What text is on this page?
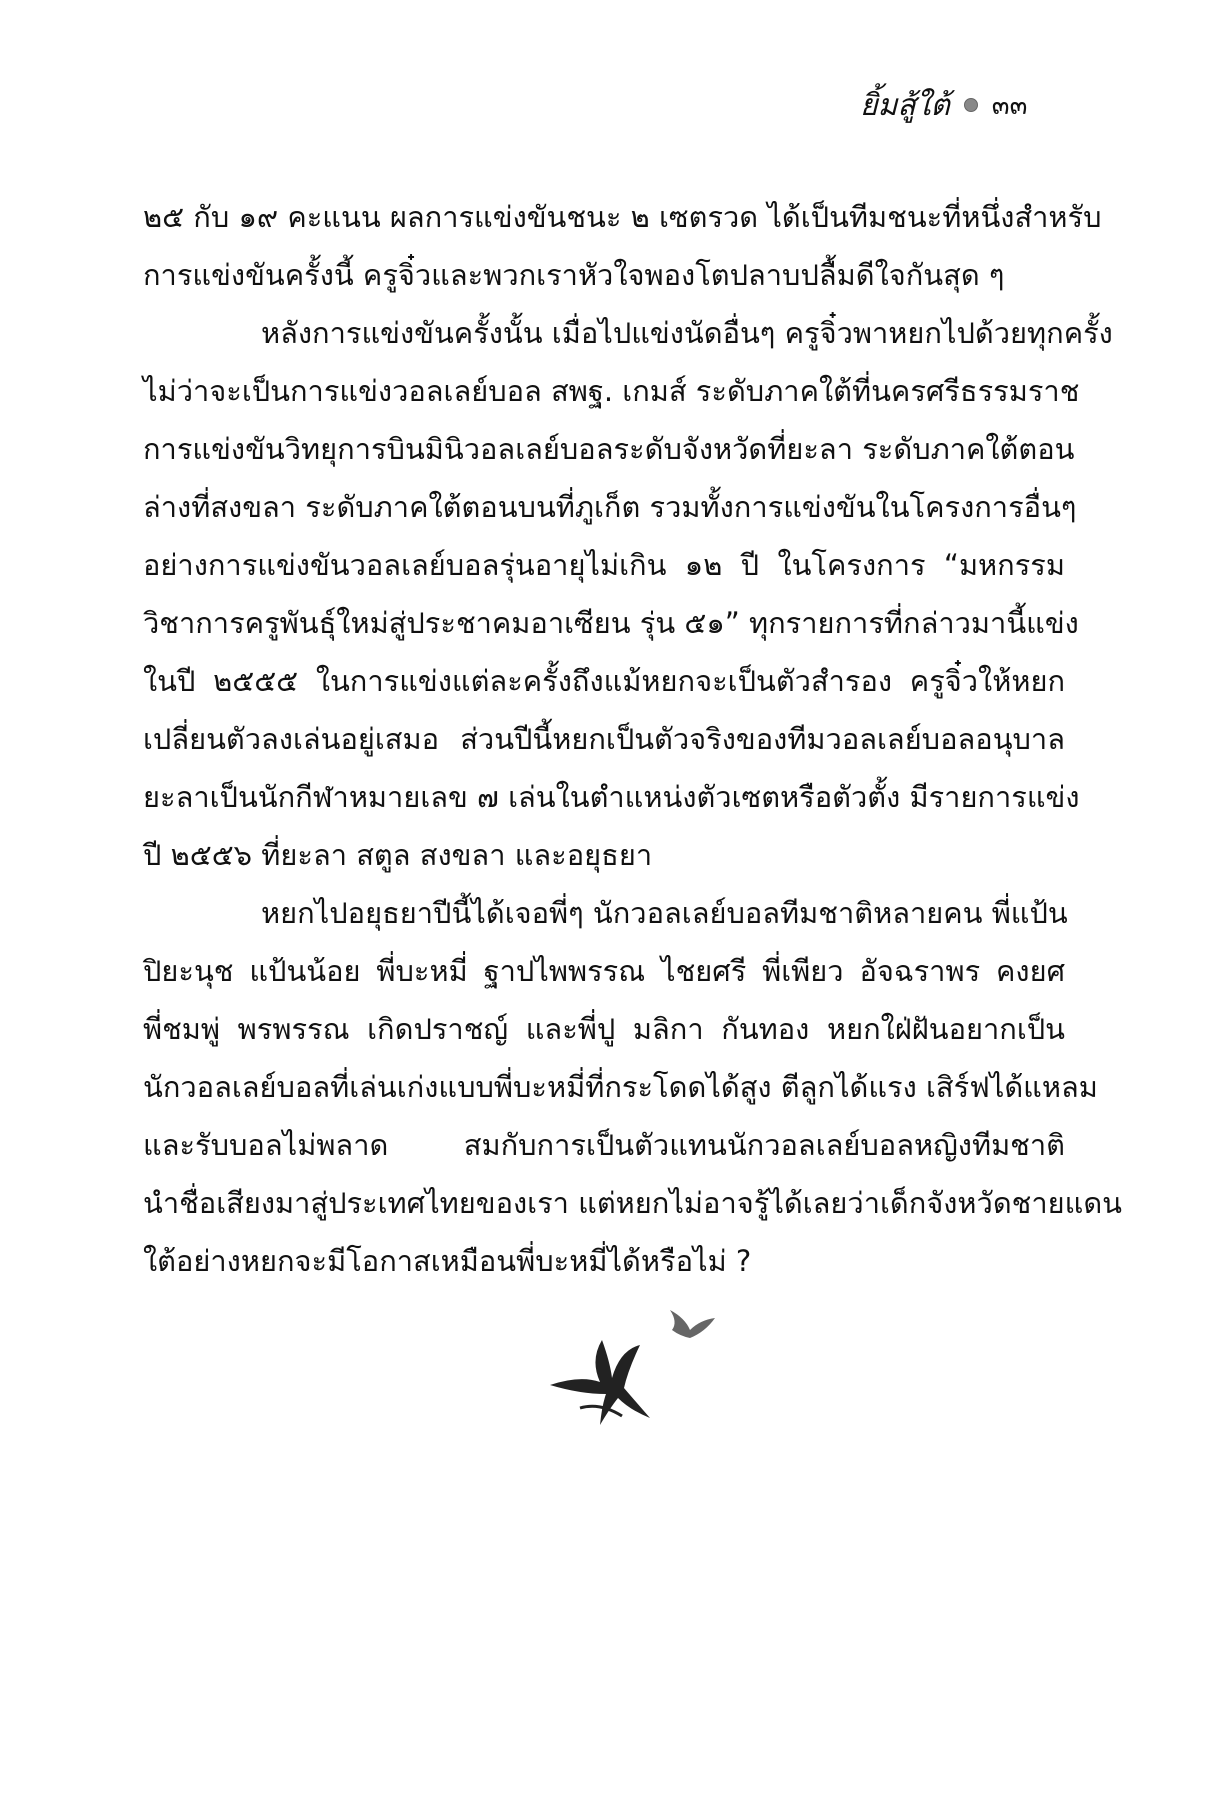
ยิ้มสู้ใต้ ๓๓
๒๕ กับ ๑๙ คะแนน ผลการแข่งขันชนะ ๒ เซตรวด ได้เป็นทีมชนะที่หนึ่งสำหรับ
การแข่งขันครั้งนี้ ครูจิ๋วและพวกเราหัวใจพองโตปลาบปลื้มดีใจกันสุด ๆ
หลังการแข่งขันครั้งนั้น เมื่อไปแข่งนัดอื่นๆ ครูจิ๋วพาหยกไปด้วยทุกครั้ง
ไม่ว่าจะเป็นการแข่งวอลเลย์บอล สพฐ. เกมส์ ระดับภาคใต้ที่นครศรีธรรมราช
การแข่งขันวิทยุการบินมินิวอลเลย์บอลระดับจังหวัดที่ยะลา ระดับภาคใต้ตอน
ล่างที่สงขลา ระดับภาคใต้ตอนบนที่ภูเก็ต รวมทั้งการแข่งขันในโครงการอื่นๆ
อย่างการแข่งขันวอลเลย์บอลรุ่นอายุไม่เกิน ๑๒ ปี ในโครงการ “มหกรรม
วิชาการครูพันธุ์ใหม่สู่ประชาคมอาเซียน รุ่น ๕๑” ทุกรายการที่กล่าวมานี้แข่ง
ในปี ๒๕๕๕ ในการแข่งแต่ละครั้งถึงแม้หยกจะเป็นตัวสำรอง ครูจิ๋วให้หยก
เปลี่ยนตัวลงเล่นอยู่เสมอ ส่วนปีนี้หยกเป็นตัวจริงของทีมวอลเลย์บอลอนุบาล
ยะลาเป็นนักกีฬาหมายเลข ๗ เล่นในตำแหน่งตัวเซตหรือตัวตั้ง มีรายการแข่ง
ปี ๒๕๕๖ ที่ยะลา สตูล สงขลา และอยุธยา
หยกไปอยุธยาปีนี้ได้เจอพี่ๆ นักวอลเลย์บอลทีมชาติหลายคน พี่แป้น
ปิยะนุช แป้นน้อย พี่บะหมี่ ฐาปไพพรรณ ไชยศรี พี่เพียว อัจฉราพร คงยศ
พี่ชมพู่ พรพรรณ เกิดปราชญ์ และพี่ปู มลิกา กันทอง หยกใฝ่ฝันอยากเป็น
นักวอลเลย์บอลที่เล่นเก่งแบบพี่บะหมี่ที่กระโดดได้สูง ตีลูกได้แรง เสิร์ฟได้แหลม
และรับบอลไม่พลาด สมกับการเป็นตัวแทนนักวอลเลย์บอลหญิงทีมชาติ
นำชื่อเสียงมาสู่ประเทศไทยของเรา แต่หยกไม่อาจรู้ได้เลยว่าเด็กจังหวัดชายแดน
ใต้อย่างหยกจะมีโอกาสเหมือนพี่บะหมี่ได้หรือไม่ ?
